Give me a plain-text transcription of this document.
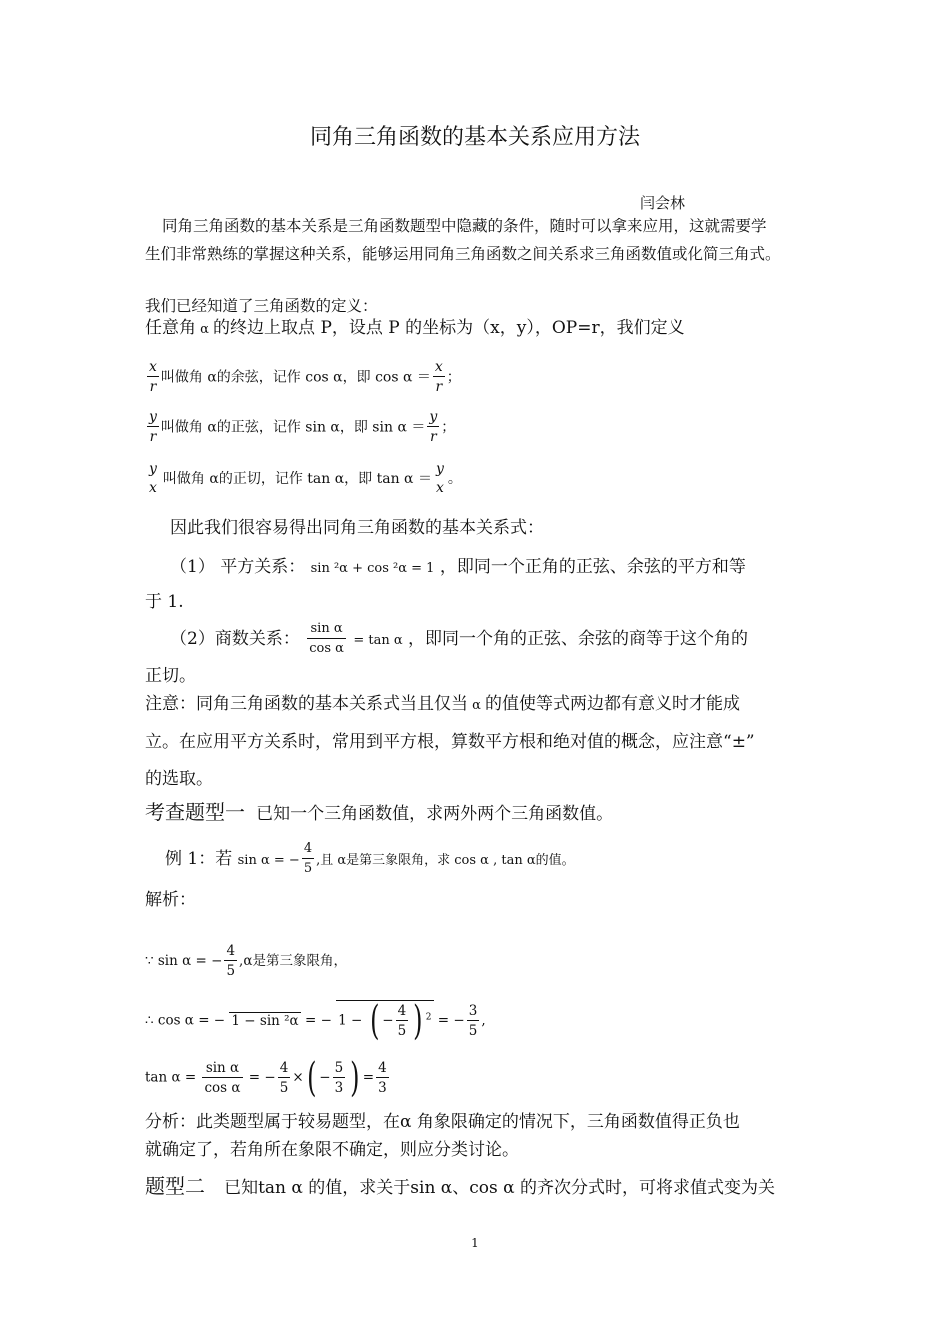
同角三角函数的基本关系应用方法
闫会林
同角三角函数的基本关系是三角函数题型中隐藏的条件，随时可以拿来应用，这就需要学
生们非常熟练的掌握这种关系，能够运用同角三角函数之间关系求三角函数值或化简三角式。
我们已经知道了三角函数的定义：
任意角 α 的终边上取点 P，设点 P 的坐标为（x，y），OP=r，我们定义
$\frac{x}{r}$ 叫做角 α的余弦，记作 cos α，即 $\cos \alpha = \frac{x}{r}$ ；
$\frac{y}{r}$ 叫做角 α的正弦，记作 sin α，即 $\sin \alpha = \frac{y}{r}$ ；
y
x
叫做角 α的正切，记作 tan α，即 tan α ＝
y
x
。
因此我们很容易得出同角三角函数的基本关系式：
（1） 平方关系： sin ²α + cos ²α = 1 ，即同一个正角的正弦、余弦的平方和等
于 1.
（2）商数关系： $\frac{\text{sin α}}{\text{cos α}} = \tan \alpha$ ，即同一个角的正弦、余弦的商等于这个角的
正切。
注意：同角三角函数的基本关系式当且仅当 α 的值使等式两边都有意义时才能成
立。在应用平方关系时，常用到平方根，算数平方根和绝对值的概念，应注意“±”
的选取。
考查题型一 已知一个三角函数值，求两外两个三角函数值。
例 1：若 sin α = − $\frac{4}{5}$ ,且 α是第三象限角，求 cos α , tan α的值。
解析：
∵ sin α = − $\frac{4}{5} ,\alpha$是第三象限角，
∴ cos α = − 1 − sin ²α = − 1 − ( − $\frac{4}{5}$ ) $^2$ = − $\frac{3}{5}$ ,
$\tan \alpha = \frac{\text{sin α}}{\text{cos α}}$ = − $\frac{4}{5}$ ×( − $\frac{5}{3}$ ) = $\frac{4}{3}$
分析：此类题型属于较易题型，在α 角象限确定的情况下，三角函数值得正负也
就确定了，若角所在象限不确定，则应分类讨论。
题型二 已知tan α 的值，求关于sin α、cos α 的齐次分式时，可将求值式变为关
1
